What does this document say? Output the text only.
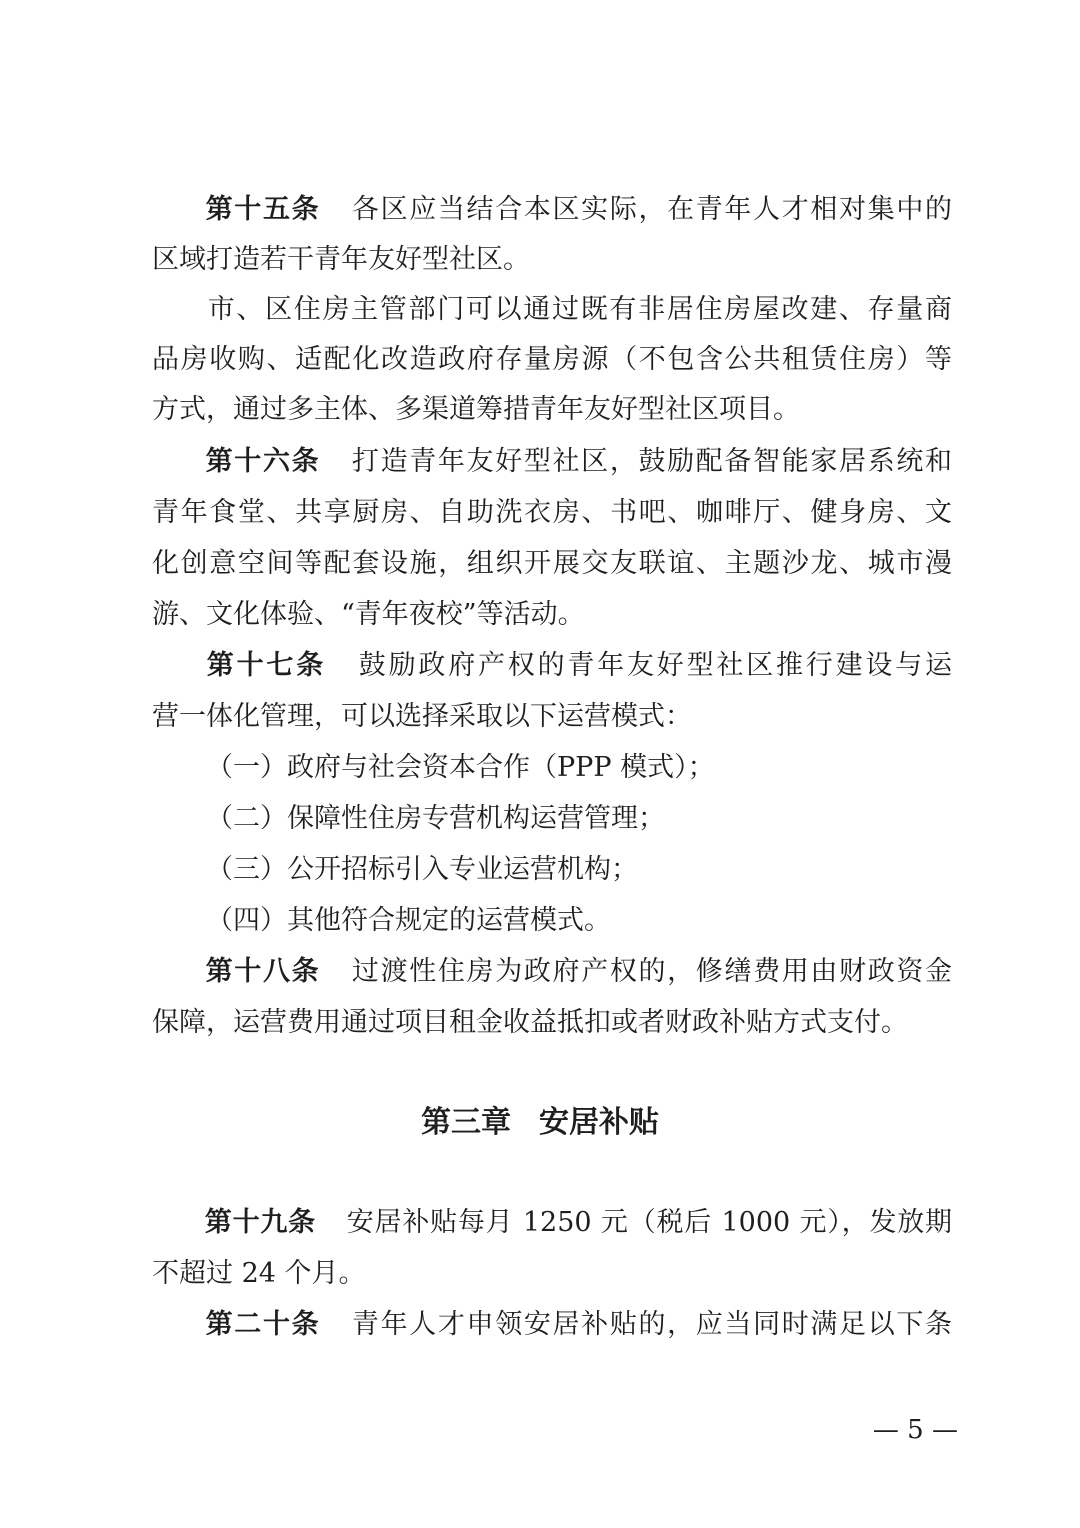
第十五条 各区应当结合本区实际，在青年人才相对集中的
区域打造若干青年友好型社区。
市、区住房主管部门可以通过既有非居住房屋改建、存量商
品房收购、适配化改造政府存量房源（不包含公共租赁住房）等
方式，通过多主体、多渠道筹措青年友好型社区项目。
第十六条 打造青年友好型社区，鼓励配备智能家居系统和
青年食堂、共享厨房、自助洗衣房、书吧、咖啡厅、健身房、文
化创意空间等配套设施，组织开展交友联谊、主题沙龙、城市漫
游、文化体验、“青年夜校”等活动。
第十七条 鼓励政府产权的青年友好型社区推行建设与运
营一体化管理，可以选择采取以下运营模式：
（一）政府与社会资本合作（PPP 模式）；
（二）保障性住房专营机构运营管理；
（三）公开招标引入专业运营机构；
（四）其他符合规定的运营模式。
第十八条 过渡性住房为政府产权的，修缮费用由财政资金
保障，运营费用通过项目租金收益抵扣或者财政补贴方式支付。
第三章 安居补贴
第十九条 安居补贴每月 1250 元（税后 1000 元），发放期
不超过 24 个月。
第二十条 青年人才申领安居补贴的，应当同时满足以下条
— 5 —
